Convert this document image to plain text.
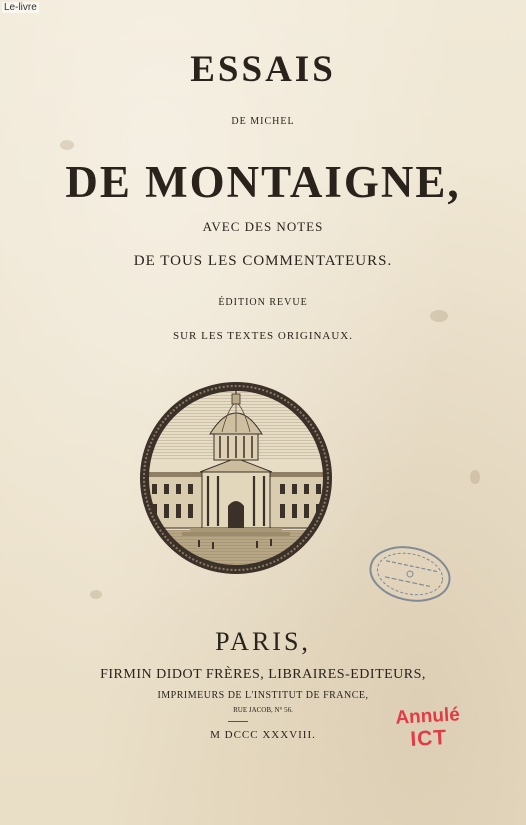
Le-livre
ESSAIS
DE MICHEL
DE MONTAIGNE,
AVEC DES NOTES
DE TOUS LES COMMENTATEURS.
ÉDITION REVUE
SUR LES TEXTES ORIGINAUX.
PARIS,
FIRMIN DIDOT FRÈRES, LIBRAIRES-EDITEURS,
IMPRIMEURS DE L'INSTITUT DE FRANCE,
RUE JACOB, N° 56.
M DCCC XXXVIII.
Annulé
ICT
